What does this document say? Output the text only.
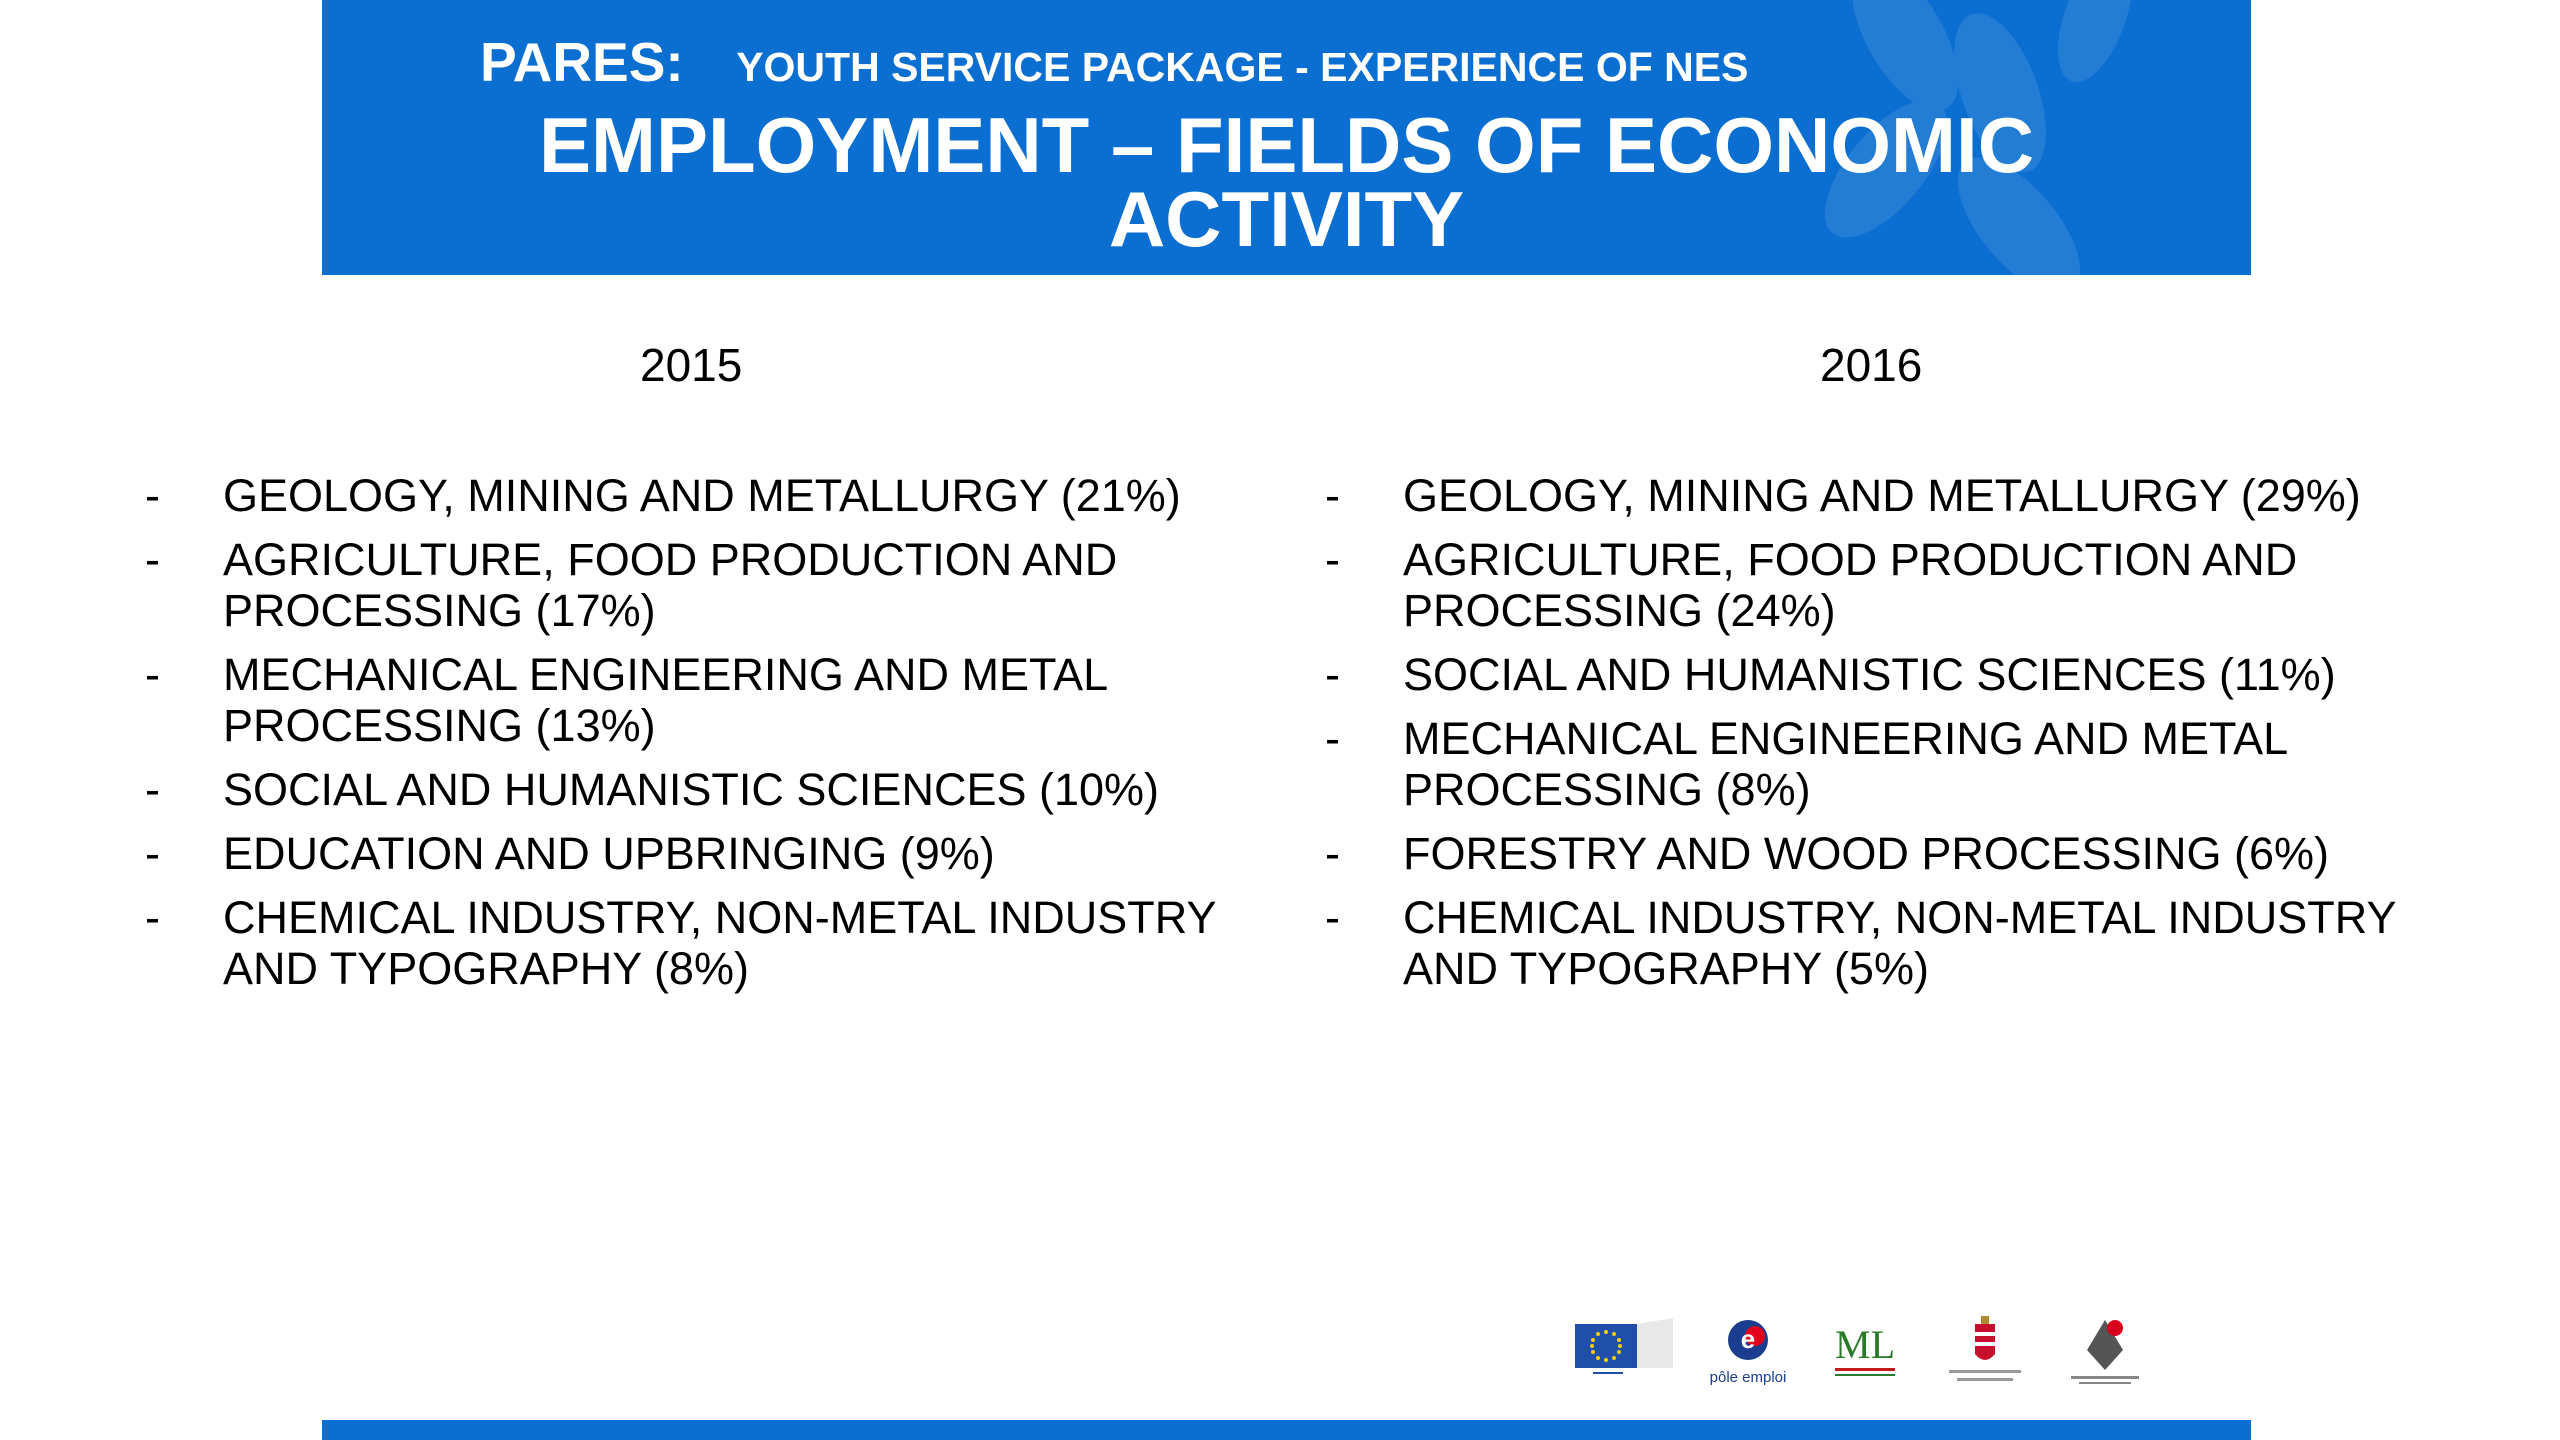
PARES: YOUTH SERVICE PACKAGE - EXPERIENCE OF NES
EMPLOYMENT – FIELDS OF ECONOMIC
ACTIVITY
2015	2016
- GEOLOGY, MINING AND METALLURGY (21%)
- AGRICULTURE, FOOD PRODUCTION AND PROCESSING (17%)
- MECHANICAL ENGINEERING AND METAL PROCESSING (13%)
- SOCIAL AND HUMANISTIC SCIENCES (10%)
- EDUCATION AND UPBRINGING (9%)
- CHEMICAL INDUSTRY, NON-METAL INDUSTRY AND TYPOGRAPHY (8%)
- GEOLOGY, MINING AND METALLURGY (29%)
- AGRICULTURE, FOOD PRODUCTION AND PROCESSING (24%)
- SOCIAL AND HUMANISTIC SCIENCES (11%)
- MECHANICAL ENGINEERING AND METAL PROCESSING (8%)
- FORESTRY AND WOOD PROCESSING (6%)
- CHEMICAL INDUSTRY, NON-METAL INDUSTRY AND TYPOGRAPHY (5%)
e
pôle emploi
ML
